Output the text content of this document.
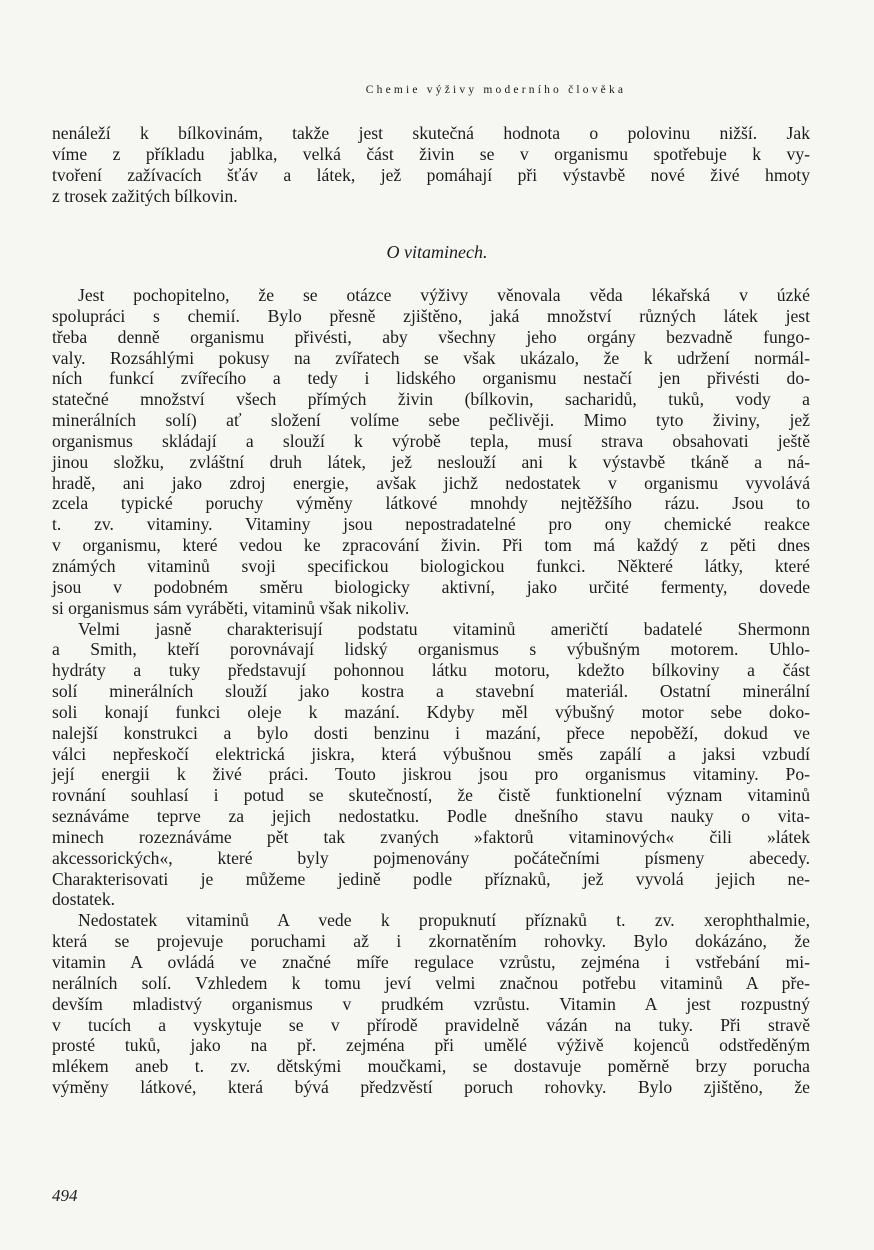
Chemie výživy moderního člověka
nenáleží k bílkovinám, takže jest skutečná hodnota o polovinu nižší. Jak
víme z příkladu jablka, velká část živin se v organismu spotřebuje k vy-
tvoření zažívacích šťáv a látek, jež pomáhají při výstavbě nové živé hmoty
z trosek zažitých bílkovin.
O vitaminech.
Jest pochopitelno, že se otázce výživy věnovala věda lékařská v úzké
spolupráci s chemií. Bylo přesně zjištěno, jaká množství různých látek jest
třeba denně organismu přivésti, aby všechny jeho orgány bezvadně fungo-
valy. Rozsáhlými pokusy na zvířatech se však ukázalo, že k udržení normál-
ních funkcí zvířecího a tedy i lidského organismu nestačí jen přivésti do-
statečné množství všech přímých živin (bílkovin, sacharidů, tuků, vody a
minerálních solí) ať složení volíme sebe pečlivěji. Mimo tyto živiny, jež
organismus skládají a slouží k výrobě tepla, musí strava obsahovati ještě
jinou složku, zvláštní druh látek, jež neslouží ani k výstavbě tkáně a ná-
hradě, ani jako zdroj energie, avšak jichž nedostatek v organismu vyvolává
zcela typické poruchy výměny látkové mnohdy nejtěžšího rázu. Jsou to
t. zv. vitaminy. Vitaminy jsou nepostradatelné pro ony chemické reakce
v organismu, které vedou ke zpracování živin. Při tom má každý z pěti dnes
známých vitaminů svoji specifickou biologickou funkci. Některé látky, které
jsou v podobném směru biologicky aktivní, jako určité fermenty, dovede
si organismus sám vyráběti, vitaminů však nikoliv.
Velmi jasně charakterisují podstatu vitaminů američtí badatelé Shermonn
a Smith, kteří porovnávají lidský organismus s výbušným motorem. Uhlo-
hydráty a tuky představují pohonnou látku motoru, kdežto bílkoviny a část
solí minerálních slouží jako kostra a stavební materiál. Ostatní minerální
soli konají funkci oleje k mazání. Kdyby měl výbušný motor sebe doko-
nalejší konstrukci a bylo dosti benzinu i mazání, přece nepoběží, dokud ve
válci nepřeskočí elektrická jiskra, která výbušnou směs zapálí a jaksi vzbudí
její energii k živé práci. Touto jiskrou jsou pro organismus vitaminy. Po-
rovnání souhlasí i potud se skutečností, že čistě funktionelní význam vitaminů
seznáváme teprve za jejich nedostatku. Podle dnešního stavu nauky o vita-
minech rozeznáváme pět tak zvaných »faktorů vitaminových« čili »látek
akcessorických«, které byly pojmenovány počátečními písmeny abecedy.
Charakterisovati je můžeme jedině podle příznaků, jež vyvolá jejich ne-
dostatek.
Nedostatek vitaminů A vede k propuknutí příznaků t. zv. xerophthalmie,
která se projevuje poruchami až i zkornatěním rohovky. Bylo dokázáno, že
vitamin A ovládá ve značné míře regulace vzrůstu, zejména i vstřebání mi-
nerálních solí. Vzhledem k tomu jeví velmi značnou potřebu vitaminů A pře-
devším mladistvý organismus v prudkém vzrůstu. Vitamin A jest rozpustný
v tucích a vyskytuje se v přírodě pravidelně vázán na tuky. Při stravě
prosté tuků, jako na př. zejména při umělé výživě kojenců odstředěným
mlékem aneb t. zv. dětskými moučkami, se dostavuje poměrně brzy porucha
výměny látkové, která bývá předzvěstí poruch rohovky. Bylo zjištěno, že
494
